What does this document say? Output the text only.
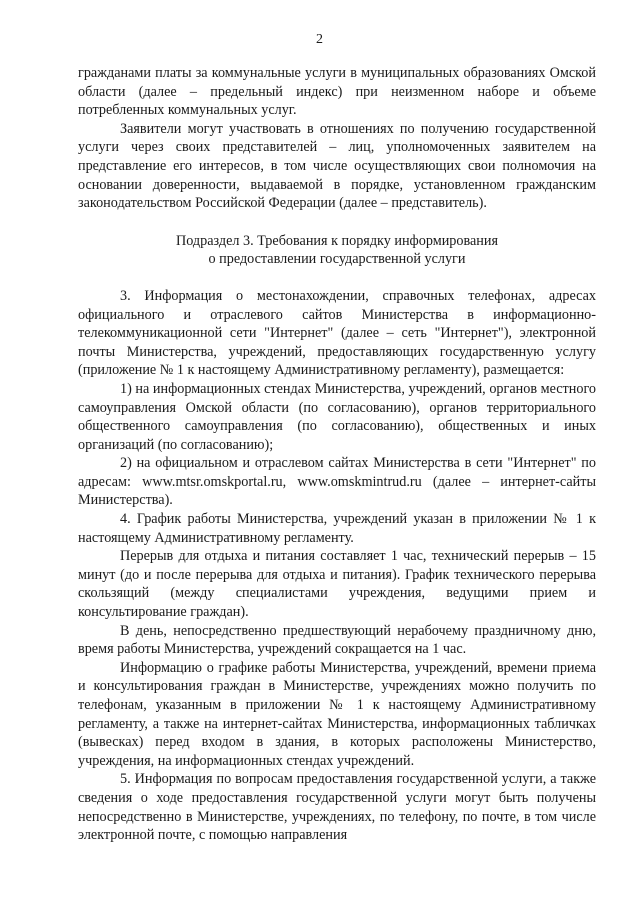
2

гражданами платы за коммунальные услуги в муниципальных образованиях Омской области (далее – предельный индекс) при неизменном наборе и объеме потребленных коммунальных услуг.

Заявители могут участвовать в отношениях по получению государственной услуги через своих представителей – лиц, уполномоченных заявителем на представление его интересов, в том числе осуществляющих свои полномочия на основании доверенности, выдаваемой в порядке, установленном гражданским законодательством Российской Федерации (далее – представитель).

Подраздел 3. Требования к порядку информирования
о предоставлении государственной услуги

3. Информация о местонахождении, справочных телефонах, адресах официального и отраслевого сайтов Министерства в информационно-телекоммуникационной сети "Интернет" (далее – сеть "Интернет"), электронной почты Министерства, учреждений, предоставляющих государственную услугу (приложение № 1 к настоящему Административному регламенту), размещается:

1) на информационных стендах Министерства, учреждений, органов местного самоуправления Омской области (по согласованию), органов территориального общественного самоуправления (по согласованию), общественных и иных организаций (по согласованию);

2) на официальном и отраслевом сайтах Министерства в сети "Интернет" по адресам: www.mtsr.omskportal.ru, www.omskmintrud.ru (далее – интернет-сайты Министерства).

4. График работы Министерства, учреждений указан в приложении № 1 к настоящему Административному регламенту.

Перерыв для отдыха и питания составляет 1 час, технический перерыв – 15 минут (до и после перерыва для отдыха и питания). График технического перерыва скользящий (между специалистами учреждения, ведущими прием и консультирование граждан).

В день, непосредственно предшествующий нерабочему праздничному дню, время работы Министерства, учреждений сокращается на 1 час.

Информацию о графике работы Министерства, учреждений, времени приема и консультирования граждан в Министерстве, учреждениях можно получить по телефонам, указанным в приложении № 1 к настоящему Административному регламенту, а также на интернет-сайтах Министерства, информационных табличках (вывесках) перед входом в здания, в которых расположены Министерство, учреждения, на информационных стендах учреждений.

5. Информация по вопросам предоставления государственной услуги, а также сведения о ходе предоставления государственной услуги могут быть получены непосредственно в Министерстве, учреждениях, по телефону, по почте, в том числе электронной почте, с помощью направления
